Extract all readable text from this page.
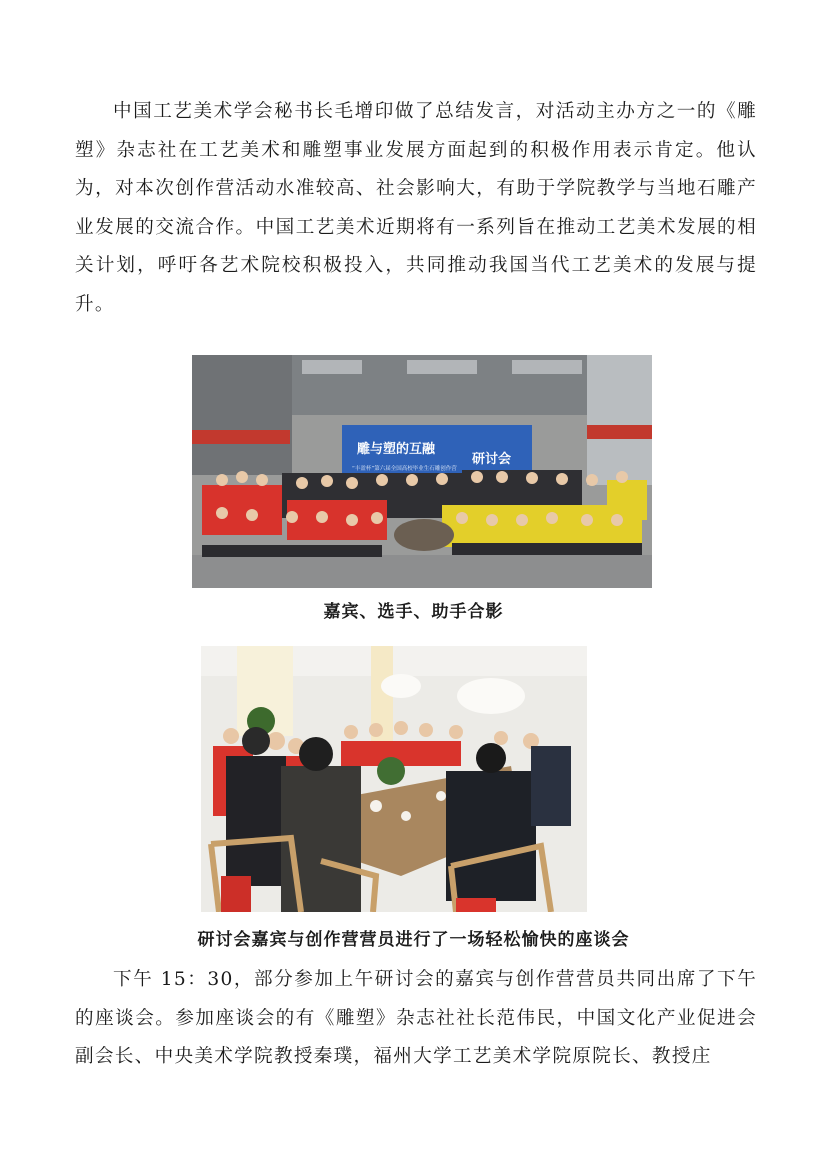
中国工艺美术学会秘书长毛增印做了总结发言，对活动主办方之一的《雕塑》杂志社在工艺美术和雕塑事业发展方面起到的积极作用表示肯定。他认为，对本次创作营活动水准较高、社会影响大，有助于学院教学与当地石雕产业发展的交流合作。中国工艺美术近期将有一系列旨在推动工艺美术发展的相关计划，呼吁各艺术院校积极投入，共同推动我国当代工艺美术的发展与提升。

雕与塑的互融
研讨会
“丰盈杯”第六届全国高校毕业生石雕创作营

嘉宾、选手、助手合影

研讨会嘉宾与创作营营员进行了一场轻松愉快的座谈会

下午 15：30，部分参加上午研讨会的嘉宾与创作营营员共同出席了下午的座谈会。参加座谈会的有《雕塑》杂志社社长范伟民，中国文化产业促进会副会长、中央美术学院教授秦璞，福州大学工艺美术学院原院长、教授庄
